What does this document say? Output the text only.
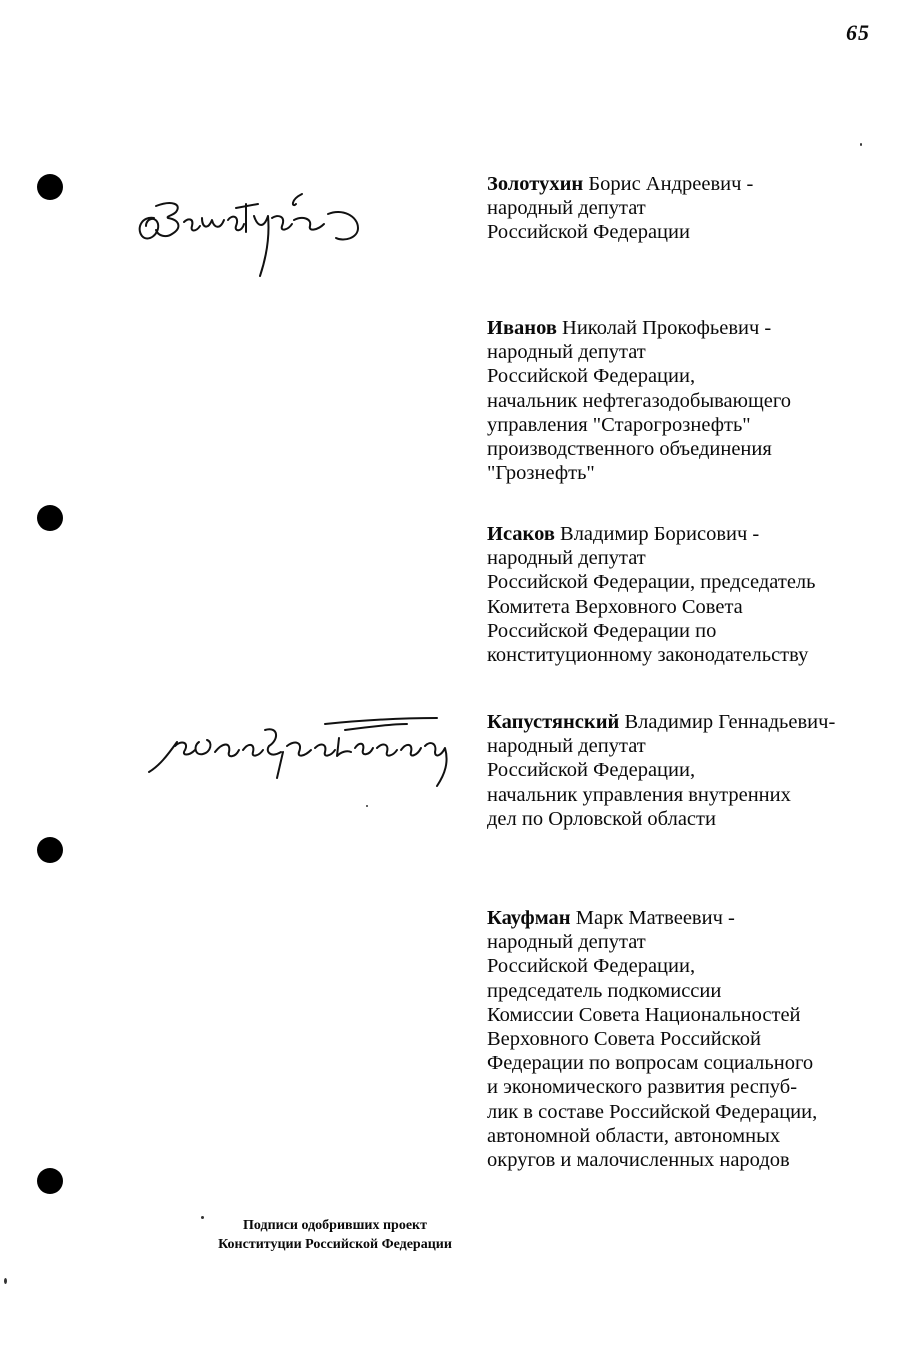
65
Золотухин Борис Андреевич -
народный депутат
Российской Федерации
Иванов Николай Прокофьевич -
народный депутат
Российской Федерации,
начальник нефтегазодобывающего
управления "Старогрознефть"
производственного объединения
"Грознефть"
Исаков Владимир Борисович -
народный депутат
Российской Федерации, председатель
Комитета Верховного Совета
Российской Федерации по
конституционному законодательству
Капустянский Владимир Геннадьевич-
народный депутат
Российской Федерации,
начальник управления внутренних
дел по Орловской области
Кауфман Марк Матвеевич -
народный депутат
Российской Федерации,
председатель подкомиссии
Комиссии Совета Национальностей
Верховного Совета Российской
Федерации по вопросам социального
и экономического развития респуб-
лик в составе Российской Федерации,
автономной области, автономных
округов и малочисленных народов
Подписи одобривших проект
Конституции Российской Федерации
